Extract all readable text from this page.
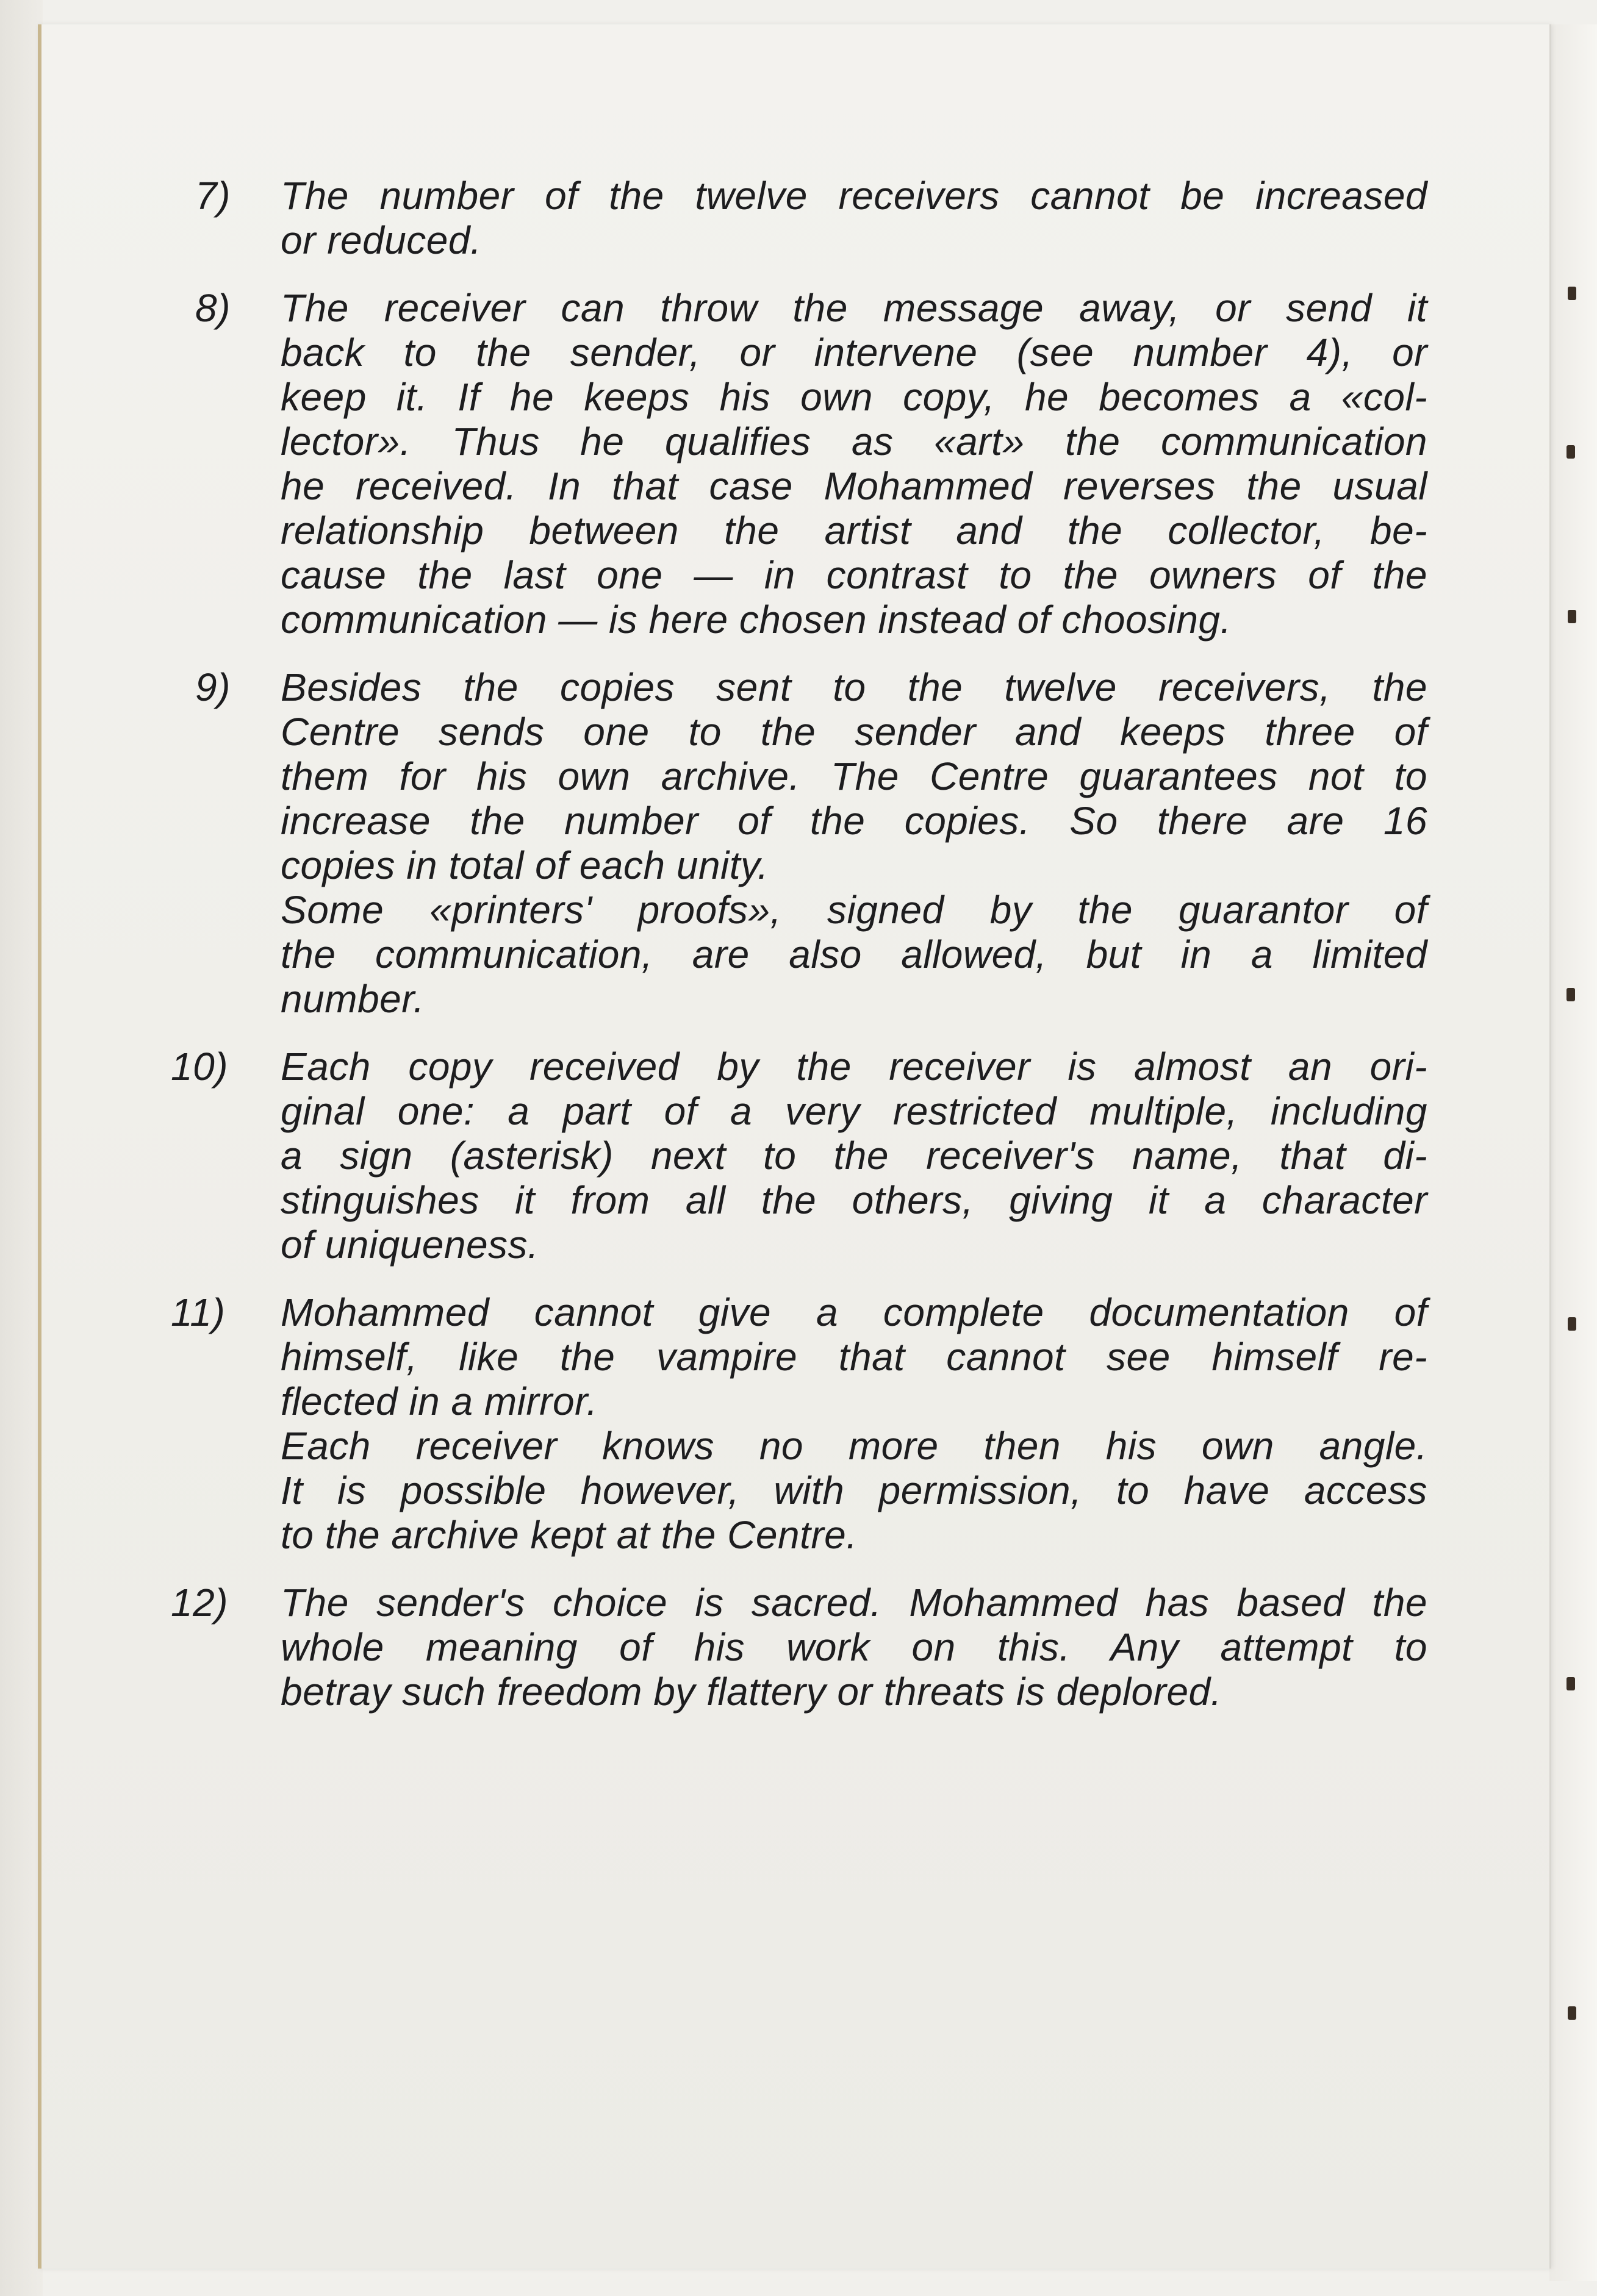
7) The number of the twelve receivers cannot be increased
or reduced.
8) The receiver can throw the message away, or send it
back to the sender, or intervene (see number 4), or
keep it. If he keeps his own copy, he becomes a «col-
lector». Thus he qualifies as «art» the communication
he received. In that case Mohammed reverses the usual
relationship between the artist and the collector, be-
cause the last one — in contrast to the owners of the
communication — is here chosen instead of choosing.
9) Besides the copies sent to the twelve receivers, the
Centre sends one to the sender and keeps three of
them for his own archive. The Centre guarantees not to
increase the number of the copies. So there are 16
copies in total of each unity.
Some «printers' proofs», signed by the guarantor of
the communication, are also allowed, but in a limited
number.
10) Each copy received by the receiver is almost an ori-
ginal one: a part of a very restricted multiple, including
a sign (asterisk) next to the receiver's name, that di-
stinguishes it from all the others, giving it a character
of uniqueness.
11) Mohammed cannot give a complete documentation of
himself, like the vampire that cannot see himself re-
flected in a mirror.
Each receiver knows no more then his own angle.
It is possible however, with permission, to have access
to the archive kept at the Centre.
12) The sender's choice is sacred. Mohammed has based the
whole meaning of his work on this. Any attempt to
betray such freedom by flattery or threats is deplored.
